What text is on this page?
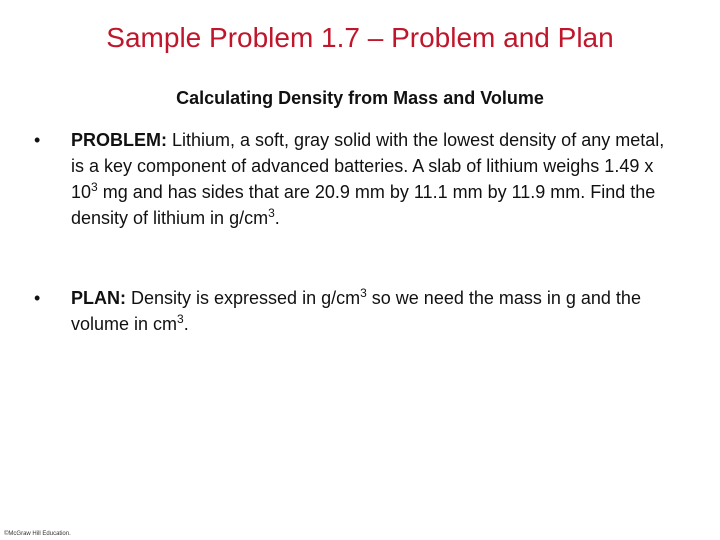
Sample Problem 1.7 – Problem and Plan
Calculating Density from Mass and Volume
•	PROBLEM: Lithium, a soft, gray solid with the lowest density of any metal, is a key component of advanced batteries. A slab of lithium weighs 1.49 x $10^3$ mg and has sides that are 20.9 mm by 11.1 mm by 11.9 mm. Find the density of lithium in $g/cm^3$.
•	PLAN: Density is expressed in $g/cm^3$ so we need the mass in g and the volume in $cm^3$.
©McGraw Hill Education.
